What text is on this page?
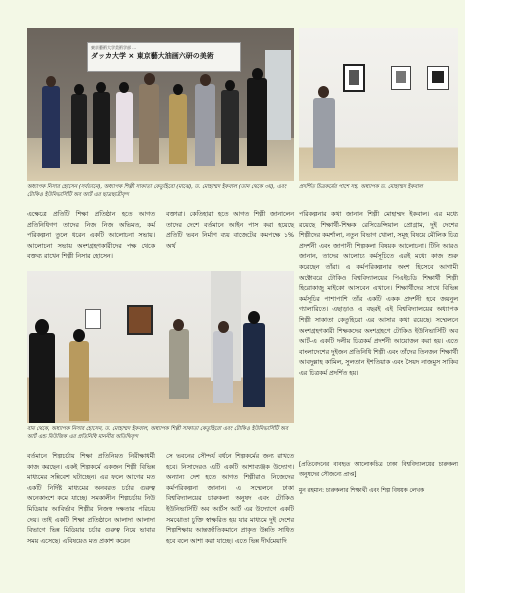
東京藝術大学美術学部 ...
ダッカ大学 × 東京藝大油画六研の美術
অধ্যাপক নিসার হোসেন (সর্বডানে), অধ্যাপক শিল্পী সাকাতা কেতুহিরো (মাঝে), ড. মোহাম্মদ ইকবাল (ডান থেকে ৩য়), এবং টোকিও ইউনিভার্সিটি অব আর্ট এর ছাত্রছাত্রীবৃন্দ
প্রদর্শিত চিত্রকর্মের পাশে সহ. অধ্যাপক ড. মোহাম্মদ ইকবাল
এক্ষেত্রে প্রতিটি শিক্ষা প্রতিষ্ঠান হতে আগত প্রতিনিধিগণ তাদের নিজ নিজ অভিমত, কর্ম পরিকল্পনা তুলে ধরেন একটি আলোচনা সভায়। আলোচনা সভায় অংশগ্রহণকারীদের পক্ষ থেকে বক্তব্য রাখেন শিল্পী নিসার হোসেন।
বক্তারা। কেতিহারা হতে আগত শিল্পী জানালেন তাদের দেশে বর্তমানে আইন পাস করা হয়েছে প্রতিটি ভবন নির্মাণ ব্যয় বাজেটের কমপক্ষে ১% অর্থ
বাম থেকে, অধ্যাপক নিসার হোসেন, ড. মোহাম্মদ ইকবাল, অধ্যাপক শিল্পী সাকাতা কেতুহিরো এবং টোকিও ইউনিভার্সিটি অব আর্ট এন্ড মিউজিক এর প্রতিনিধি মাননীয় অতিথিবৃন্দ
পরিকল্পনার কথা জানান শিল্পী মোহাম্মদ ইকবাল। এর মধ্যে রয়েছে শিক্ষার্থী-শিক্ষক রেসিডেন্সিয়াল প্রোগ্রাম, দুই দেশের শিল্পীদের কমর্শালা, নতুন বিভাগ খোলা, সমূহ বিষয়ে মৌলিক চিত্র প্রদর্শনী এবং জাপানী শিল্পকলা বিষয়ক আলোচনা। টিনি আরও জানান, তাদের আলোচ্য কর্মসূচিতে এরই মধ্যে কাজ শুরু করেছেন তাঁরা। এ কর্মপরিকল্পনার অংশ হিসেবে আগামী অক্টোবরে টোকিও বিশ্ববিদ্যালয়ের পিএইচডি শিক্ষার্থী শিল্পী হিরোকাজু মাইকো আসবেন এখানে। শিক্ষার্থীদের সাথে বিভিন্ন কর্মসূচির পাশাপাশি তাঁর একটি একক প্রদর্শনী হবে জয়নুল গ্যালারিতে। এছাড়াও এ বছরই এই বিশ্ববিদ্যালয়ের অধ্যাপক শিল্পী সাকাতা কেতুহিরো এর আসার কথা রয়েছে। সম্মেলনে অংশগ্রহণকারী শিক্ষকদের অংশগ্রহণে টোকিও ইউনিভার্সিটি অব আর্ট-এ একটি দলীয় চিত্রকর্ম প্রদর্শনী আয়োজন করা হয়। এতে বাংলাদেশের দুইজন প্রতিনিধি শিল্পী এবং তাঁদের তিনজন শিক্ষার্থী আবদুল্লাহ কামিল, সুলতান ইশতিয়াক এবং সৈয়দ নাজমুস সাকিব এর চিত্রকর্ম প্রদর্শিত হয়।
বর্তমানে শিল্পচর্চায় শিক্ষা প্রতিনিয়ত নিরীক্ষাধর্মী কাজ করছেন। একই শিল্পকর্মে একজন শিল্পী বিভিন্ন মাধ্যমের সন্নিবেশ ঘটাচ্ছেন। এর ফলে আগের মত একটি নির্দিষ্ট মাধ্যমের অনবরত চর্চার গুরুত্ব অনেকাংশে কমে যাচ্ছে। সমকালীন শিল্পচর্চায় নিউ মিডিয়ার আবির্ভাব শিল্পীর নিজস্ব দক্ষতার পরিচয় দেয়। তাই একটি শিক্ষা প্রতিষ্ঠানে আলাদা আলাদা বিভাগে ভিন্ন মিডিয়ার চর্চার গুরুত্ব নিয়ে ভাবার সময় এসেছে। এবিষয়েও মত প্রকাশ করেন
সে ভবনের সৌন্দর্য বর্ধনে শিল্পকর্মের জন্য রাখতে হবে। নিসাদেরও এটি একটি আশাব্যঞ্জক উদ্যোগ। অন্যান্য দেশ হতে আগত শিল্পীরাও নিজেদের কর্মপরিকল্পনা জানান। এ সম্মেলনে ঢাকা বিশ্ববিদ্যালয়ের চারুকলা অনুষদ এবং টোকিও ইউনিভার্সিটি অব আর্টস আর্ট এর উদ্যোগে একটি সমঝোতা চুক্তি স্বাক্ষরিত হয় যার মাধ্যমে দুই দেশের শিল্পশিক্ষায় আন্তর্জাতিকমানে প্রাকৃত উন্নতি সাধিত হবে বলে আশা করা যাচ্ছে। এতে ভিন্ন দীর্ঘমেয়াদি
[প্রতিবেদনের ব্যবহৃত আলোকচিত্র ঢাকা বিশ্ববিদ্যালয়ের চারুকলা অনুষদের সৌজন্যে প্রাপ্ত]
মুন রহমান: চারুকলার শিক্ষার্থী এবং শিল্প বিষয়ক লেখক
